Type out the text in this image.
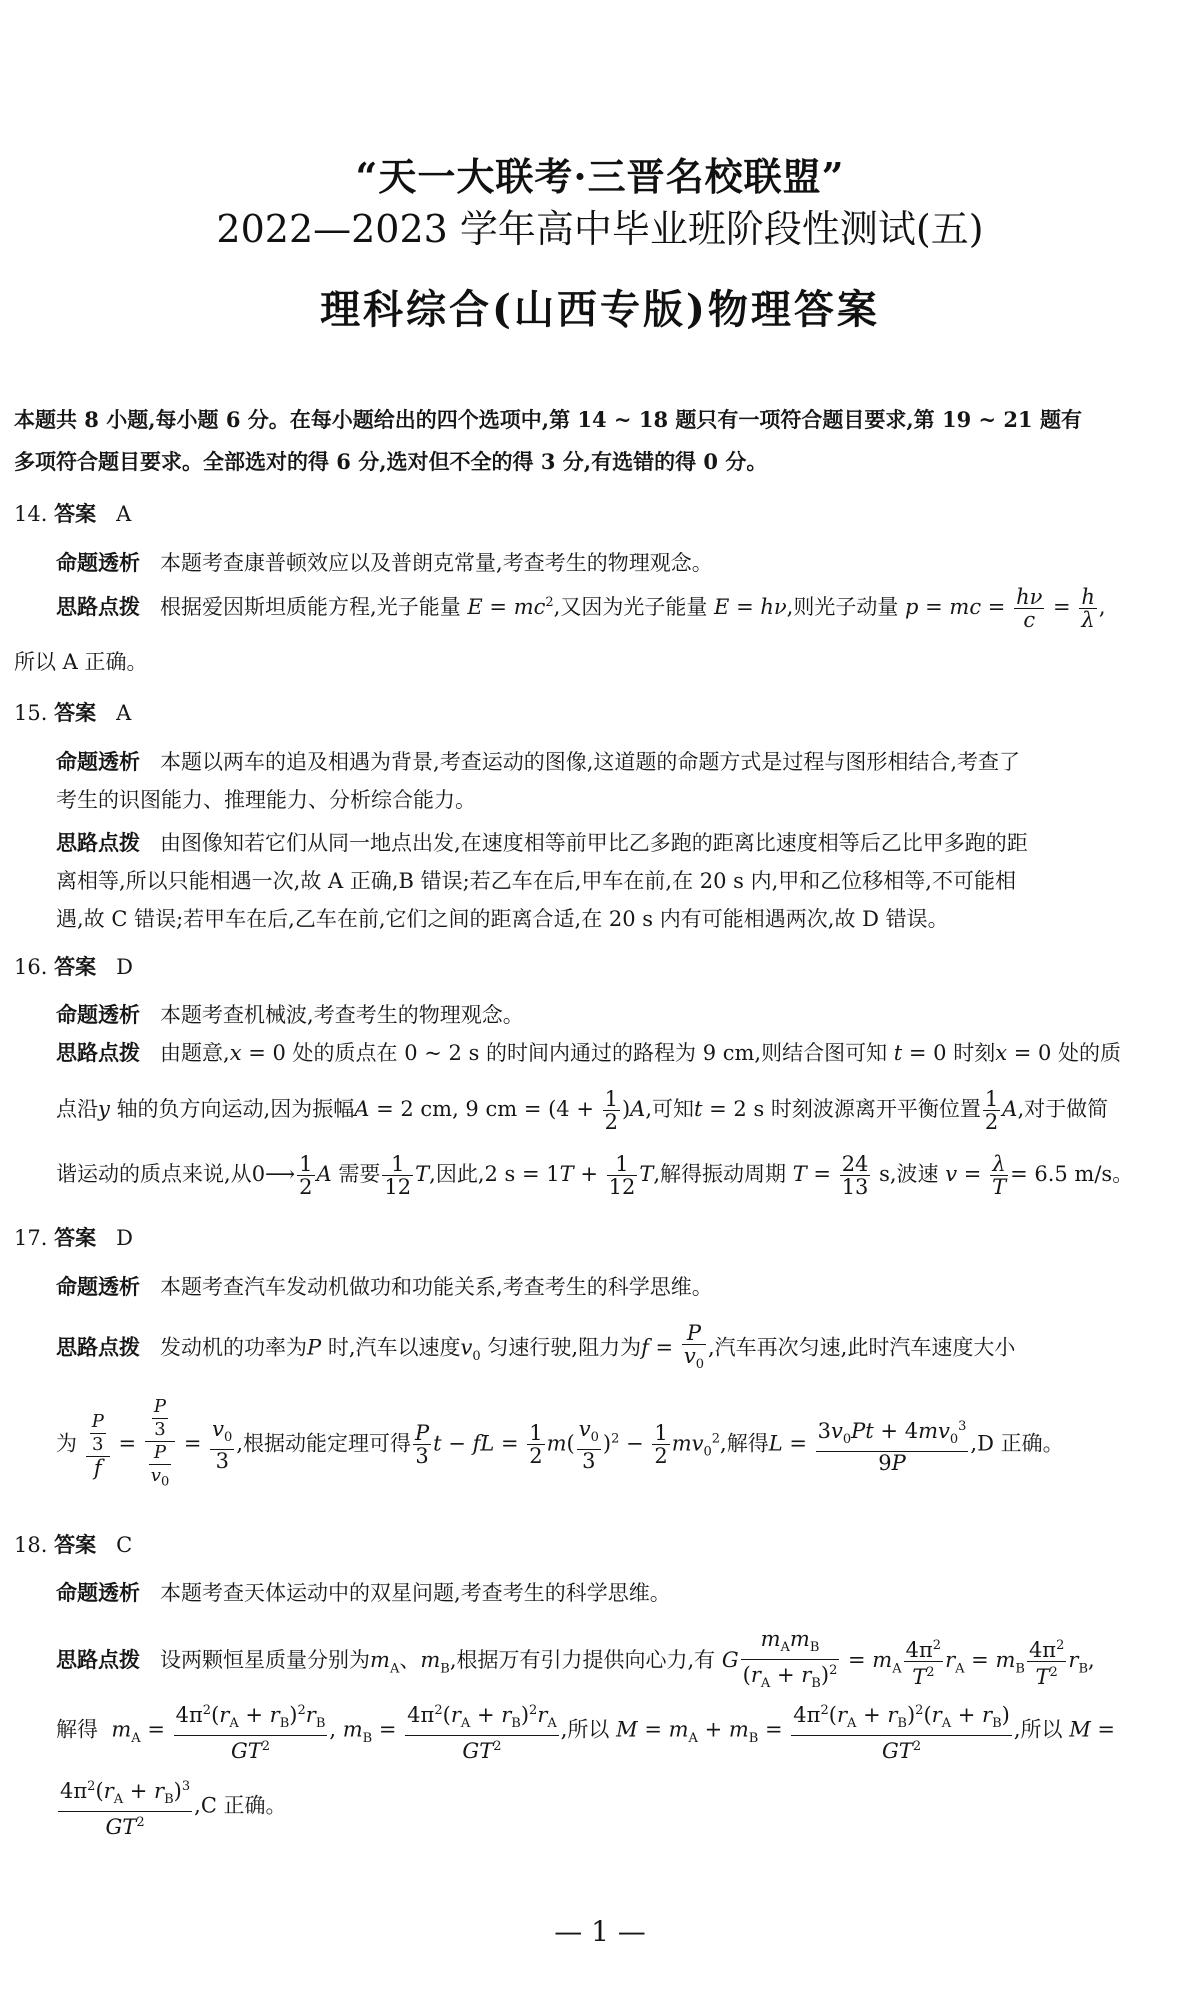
“天一大联考·三晋名校联盟”
2022—2023 学年高中毕业班阶段性测试(五)
理科综合(山西专版)物理答案
本题共 8 小题,每小题 6 分。在每小题给出的四个选项中,第 14 ~ 18 题只有一项符合题目要求,第 19 ~ 21 题有
多项符合题目要求。全部选对的得 6 分,选对但不全的得 3 分,有选错的得 0 分。
14. 答案 A
命题透析 本题考查康普顿效应以及普朗克常量,考查考生的物理观念。
思路点拨 根据爱因斯坦质能方程,光子能量 $E = mc^2$,又因为光子能量 E = hν,则光子动量 p = mc = $\frac{h\nu}{c} = \frac{h}{\lambda}$ ,
所以 A 正确。
15. 答案 A
命题透析 本题以两车的追及相遇为背景,考查运动的图像,这道题的命题方式是过程与图形相结合,考查了
考生的识图能力、推理能力、分析综合能力。
思路点拨 由图像知若它们从同一地点出发,在速度相等前甲比乙多跑的距离比速度相等后乙比甲多跑的距
离相等,所以只能相遇一次,故 A 正确,B 错误;若乙车在后,甲车在前,在 20 s 内,甲和乙位移相等,不可能相
遇,故 C 错误;若甲车在后,乙车在前,它们之间的距离合适,在 20 s 内有可能相遇两次,故 D 错误。
16. 答案 D
命题透析 本题考查机械波,考查考生的物理观念。
思路点拨 由题意,x = 0 处的质点在 0 ~ 2 s 的时间内通过的路程为 9 cm,则结合图可知 t = 0 时刻x = 0 处的质
点沿y 轴的负方向运动,因为振幅A = 2 cm, 9 cm = $(4 + \frac{1}{2} )A$,可知t = 2 s 时刻波源离开平衡位置 $\frac{1}{2} A$,对于做简
谐运动的质点来说,从0⟶ $\frac{1}{2}$ A 需要 $\frac{1}{12} T$,因此,2 $s = 1T + \frac{1}{12} T$,解得振动周期 $T = \frac{24}{13} s$,波速 $v = \frac{\lambda}{T} = 6.5$ m/s。
17. 答案 D
命题透析 本题考查汽车发动机做功和功能关系,考查考生的科学思维。
思路点拨 发动机的功率为P 时,汽车以速度$v_0$ 匀速行驶,阻力为$f = \frac{P}{v_0}$ ,汽车再次匀速,此时汽车速度大小
为 $\frac{\frac{P}{3}}{f} = \frac{\frac{P}{3}}{\frac{P}{v_0}} = \frac{v_0}{3}$ ,根据动能定理可得 $\frac{P}{3}$ t − fL = $\frac{1}{2} m( \frac{v_0}{3} )^2 - \frac{1}{2} mv_0^2$,解得$L = \frac{3v_0Pt + 4mv_0^3}{9P} ,D$ 正确。
18. 答案 C
命题透析 本题考查天体运动中的双星问题,考查考生的科学思维。
思路点拨 设两颗恒星质量分别为$m_A$、$m_B$,根据万有引力提供向心力,有 G
$m_Am_B$
$(r_A + r_B)^2 = m_A \frac{4\pi^2}{T^2} r_A = m_B \frac{4\pi^2}{T^2} r_B$,
解得 $m_A = \frac{4\pi^2(r_A + r_B)^2r_B}{GT^2}$ , $m_B = \frac{4\pi^2(r_A + r_B)^2r_A}{GT^2}$ ,所以 $M = m_A + m_B = \frac{4\pi^2(r_A + r_B)^2(r_A + r_B)}{GT^2}$ ,所以 M =
$\frac{4\pi^2(r_A + r_B)^3}{GT^2} ,C$ 正确。
— 1 —
